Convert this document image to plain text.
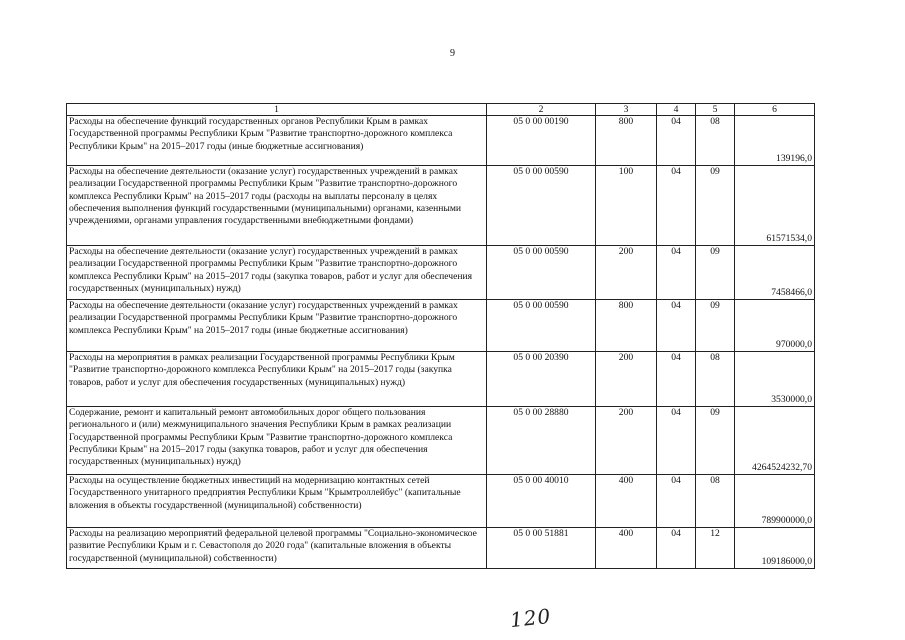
9
1	2	3	4	5	6
Расходы на обеспечение функций государственных органов Республики Крым в рамках Государственной программы Республики Крым "Развитие транспортно-дорожного комплекса Республики Крым" на 2015–2017 годы (иные бюджетные ассигнования)	05 0 00 00190	800	04	08	139196,0
Расходы на обеспечение деятельности (оказание услуг) государственных учреждений в рамках реализации Государственной программы Республики Крым "Развитие транспортно-дорожного комплекса Республики Крым" на 2015–2017 годы (расходы на выплаты персоналу в целях обеспечения выполнения функций государственными (муниципальными) органами, казенными учреждениями, органами управления государственными внебюджетными фондами)	05 0 00 00590	100	04	09	61571534,0
Расходы на обеспечение деятельности (оказание услуг) государственных учреждений в рамках реализации Государственной программы Республики Крым "Развитие транспортно-дорожного комплекса Республики Крым" на 2015–2017 годы (закупка товаров, работ и услуг для обеспечения государственных (муниципальных) нужд)	05 0 00 00590	200	04	09	7458466,0
Расходы на обеспечение деятельности (оказание услуг) государственных учреждений в рамках реализации Государственной программы Республики Крым "Развитие транспортно-дорожного комплекса Республики Крым" на 2015–2017 годы (иные бюджетные ассигнования)	05 0 00 00590	800	04	09	970000,0
Расходы на мероприятия в рамках реализации Государственной программы Республики Крым "Развитие транспортно-дорожного комплекса Республики Крым" на 2015–2017 годы (закупка товаров, работ и услуг для обеспечения государственных (муниципальных) нужд)	05 0 00 20390	200	04	08	3530000,0
Содержание, ремонт и капитальный ремонт автомобильных дорог общего пользования регионального и (или) межмуниципального значения Республики Крым в рамках реализации Государственной программы Республики Крым "Развитие транспортно-дорожного комплекса Республики Крым" на 2015–2017 годы (закупка товаров, работ и услуг для обеспечения государственных (муниципальных) нужд)	05 0 00 28880	200	04	09	4264524232,70
Расходы на осуществление бюджетных инвестиций на модернизацию контактных сетей Государственного унитарного предприятия Республики Крым "Крымтроллейбус" (капитальные вложения в объекты государственной (муниципальной) собственности)	05 0 00 40010	400	04	08	789900000,0
Расходы на реализацию мероприятий федеральной целевой программы "Социально-экономическое развитие Республики Крым и г. Севастополя до 2020 года" (капитальные вложения в объекты государственной (муниципальной) собственности)	05 0 00 51881	400	04	12	109186000,0
120
